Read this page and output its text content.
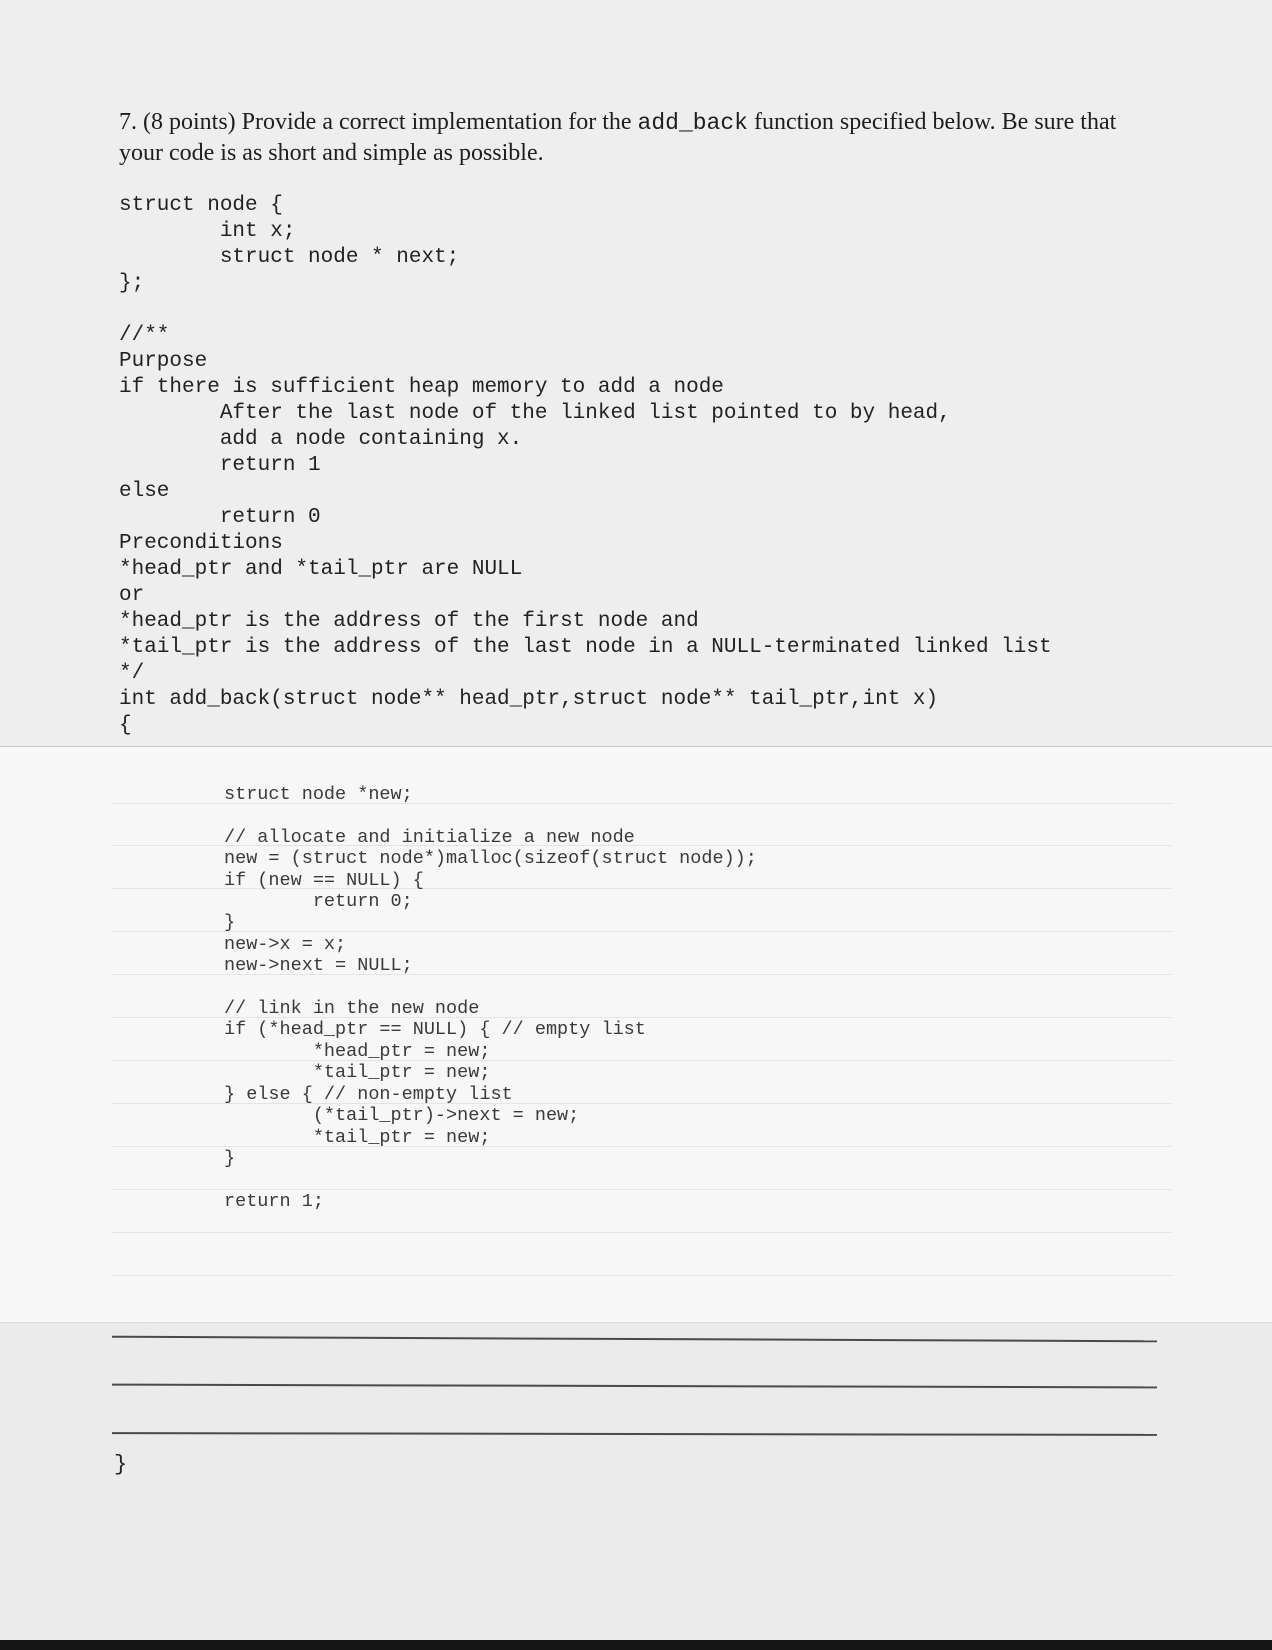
7. (8 points) Provide a correct implementation for the add_back function specified below. Be sure that your code is as short and simple as possible.

struct node {
int x;
struct node * next;
};

//**
Purpose
if there is sufficient heap memory to add a node
After the last node of the linked list pointed to by head,
add a node containing x.
return 1
else
return 0
Preconditions
*head_ptr and *tail_ptr are NULL
or
*head_ptr is the address of the first node and
*tail_ptr is the address of the last node in a NULL-terminated linked list
*/
int add_back(struct node** head_ptr,struct node** tail_ptr,int x)
{
struct node *new;

// allocate and initialize a new node
new = (struct node*)malloc(sizeof(struct node));
if (new == NULL) {
return 0;
}
new->x = x;
new->next = NULL;

// link in the new node
if (*head_ptr == NULL) { // empty list
*head_ptr = new;
*tail_ptr = new;
} else { // non-empty list
(*tail_ptr)->next = new;
*tail_ptr = new;
}

return 1;
}
